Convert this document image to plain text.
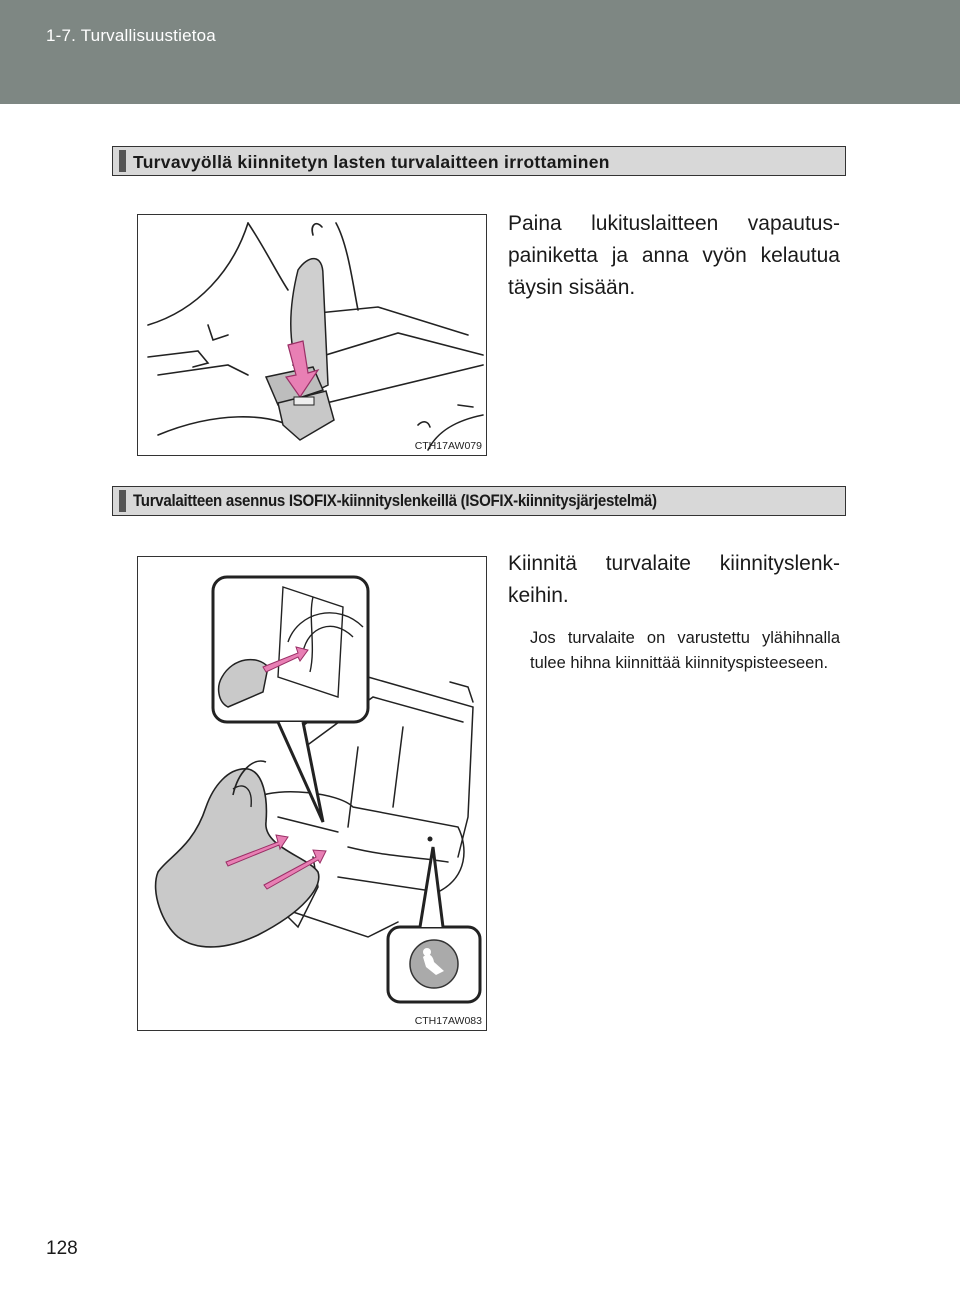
1-7. Turvallisuustietoa
Turvavyöllä kiinnitetyn lasten turvalaitteen irrottaminen
CTH17AW079
Paina lukituslaitteen vapautuspainiketta ja anna vyön kelautua täysin sisään.
Turvalaitteen asennus ISOFIX-kiinnityslenkeillä (ISOFIX-kiinnitysjärjestelmä)
CTH17AW083
Kiinnitä turvalaite kiinnityslenkkeihin.
Jos turvalaite on varustettu ylähihnalla tulee hihna kiinnittää kiinnityspisteeseen.
128
